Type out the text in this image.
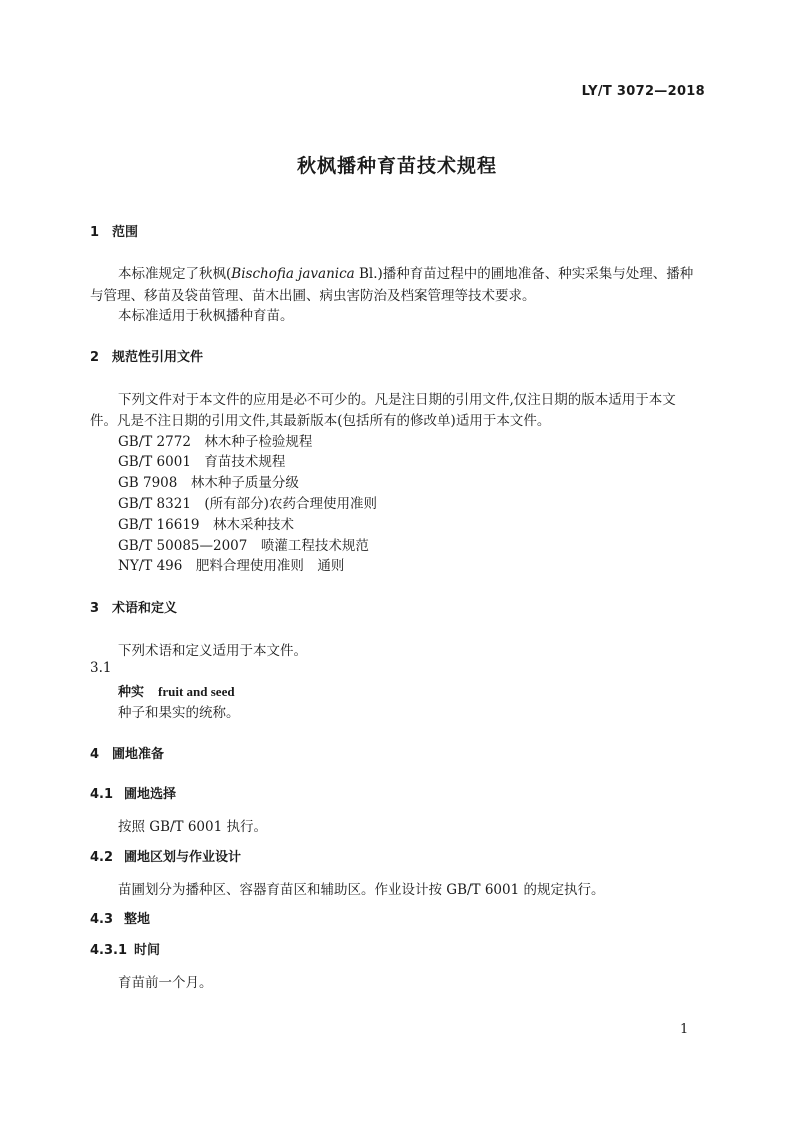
LY/T 3072—2018
秋枫播种育苗技术规程
1 范围
本标准规定了秋枫(Bischofia javanica Bl.)播种育苗过程中的圃地准备、种实采集与处理、播种
与管理、移苗及袋苗管理、苗木出圃、病虫害防治及档案管理等技术要求。
本标准适用于秋枫播种育苗。
2 规范性引用文件
下列文件对于本文件的应用是必不可少的。凡是注日期的引用文件,仅注日期的版本适用于本文
件。凡是不注日期的引用文件,其最新版本(包括所有的修改单)适用于本文件。
GB/T 2772　林木种子检验规程
GB/T 6001　育苗技术规程
GB 7908　林木种子质量分级
GB/T 8321　(所有部分)农药合理使用准则
GB/T 16619　林木采种技术
GB/T 50085—2007　喷灌工程技术规范
NY/T 496　肥料合理使用准则　通则
3 术语和定义
下列术语和定义适用于本文件。
3.1
种实 fruit and seed
种子和果实的统称。
4 圃地准备
4.1 圃地选择
按照 GB/T 6001 执行。
4.2 圃地区划与作业设计
苗圃划分为播种区、容器育苗区和辅助区。作业设计按 GB/T 6001 的规定执行。
4.3 整地
4.3.1 时间
育苗前一个月。
1
